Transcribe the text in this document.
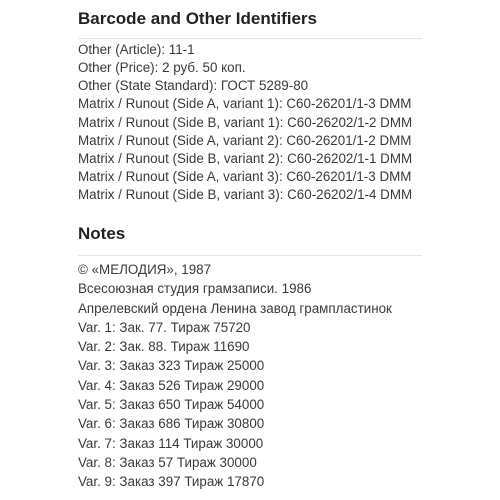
Barcode and Other Identifiers
Other (Article): 11-1
Other (Price): 2 руб. 50 коп.
Other (State Standard): ГОСТ 5289-80
Matrix / Runout (Side A, variant 1): С60-26201/1-3 DMM
Matrix / Runout (Side B, variant 1): С60-26202/1-2 DMM
Matrix / Runout (Side A, variant 2): С60-26201/1-2 DMM
Matrix / Runout (Side B, variant 2): С60-26202/1-1 DMM
Matrix / Runout (Side A, variant 3): С60-26201/1-3 DMM
Matrix / Runout (Side B, variant 3): С60-26202/1-4 DMM
Notes
© «МЕЛОДИЯ», 1987
Всесоюзная студия грамзаписи. 1986
Апрелевский ордена Ленина завод грампластинок
Var. 1: Зак. 77. Тираж 75720
Var. 2: Зак. 88. Тираж 11690
Var. 3: Заказ 323 Тираж 25000
Var. 4: Заказ 526 Тираж 29000
Var. 5: Заказ 650 Тираж 54000
Var. 6: Заказ 686 Тираж 30800
Var. 7: Заказ 114 Тираж 30000
Var. 8: Заказ 57 Тираж 30000
Var. 9: Заказ 397 Тираж 17870
